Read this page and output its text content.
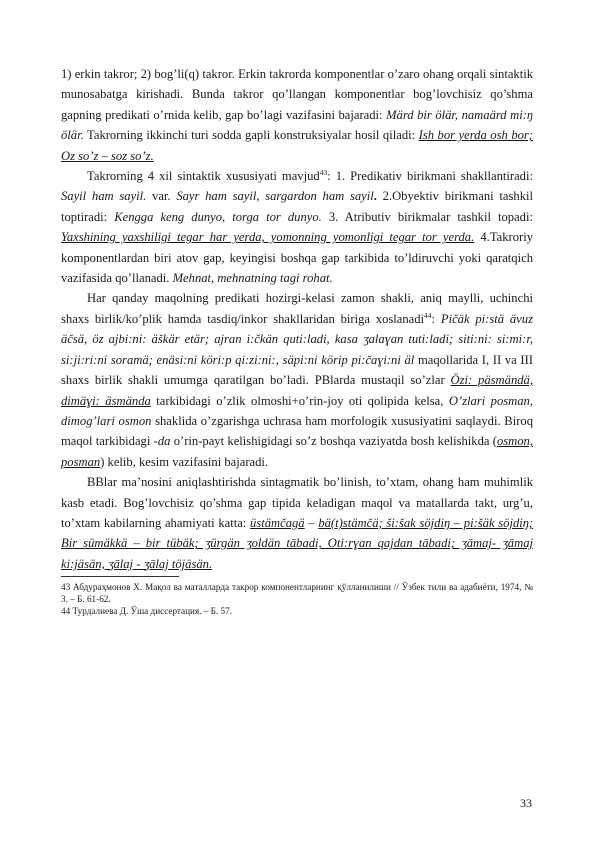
1) erkin takror; 2) bog’li(q) takror. Erkin takrorda komponentlar o’zaro ohang orqali sintaktik munosabatga kirishadi. Bunda takror qo’llangan komponentlar bog’lovchisiz qo’shma gapning predikati o’rnida kelib, gap bo’lagi vazifasini bajaradi: Märd bir ölär, namaärd mi:ŋ ölär. Takrorning ikkinchi turi sodda gapli konstruksiyalar hosil qiladi: Ish bor yerda osh bor; Oz so’z – soz so’z.

Takrorning 4 xil sintaktik xususiyati mavjud$^{43}$: 1. Predikativ birikmani shakllantiradi: Sayil ham sayil. var. Sayr ham sayil, sargardon ham sayil. 2.Obyektiv birikmani tashkil toptiradi: Kengga keng dunyo, torga tor dunyo. 3. Atributiv birikmalar tashkil topadi: Yaxshining yaxshiligi tegar har yerda, yomonning yomonligi tegar tor yerda. 4.Takroriy komponentlardan biri atov gap, keyingisi boshqa gap tarkibida to’ldiruvchi yoki qaratqich vazifasida qo’llanadi. Mehnat, mehnatning tagi rohat.

Har qanday maqolning predikati hozirgi-kelasi zamon shakli, aniq maylli, uchinchi shaxs birlik/ko’plik hamda tasdiq/inkor shakllaridan biriga xoslanadi$^{44}$: Pičäk pi:stä ävuz äčsä, öz ajbi:ni: äškär etär; ajran i:čkän quti:ladi, kasa ӡalaɣan tuti:ladi; siti:ni: si:mi:r, si:ji:ri:ni soramä; enäsi:ni köri:p qi:zi:ni:, säpi:ni körip pi:čaɣi:ni äl maqollarida I, II va III shaxs birlik shakli umumga qaratilgan bo’ladi. PBlarda mustaqil so’zlar Özi: päsmändä, dimäɣi: äsmända tarkibidagi o’zlik olmoshi+o’rin-joy oti qolipida kelsa, O’zlari posman, dimog’lari osmon shaklida o’zgarishga uchrasa ham morfologik xususiyatini saqlaydi. Biroq maqol tarkibidagi -da o’rin-payt kelishigidagi so’z boshqa vaziyatda bosh kelishikda (osmon, posman) kelib, kesim vazifasini bajaradi.

BBlar ma’nosini aniqlashtirishda sintagmatik bo’linish, to’xtam, ohang ham muhimlik kasb etadi. Bog’lovchisiz qo’shma gap tipida keladigan maqol va matallarda takt, urg’u, to’xtam kabilarning ahamiyati katta: üstämčagä – bä(t)stämčä; ši:šak söjdiŋ – pi:šäk söjdiŋ; Bir sümäkkä – bir tübäk; ӡürgän ӡoldän tābadi, Oti:rɣan qajdan tābadi; ӡāmaj- ӡāmaj ki:jäsän, ӡālaj - ӡālaj töjäsän.

43 Абдураҳмонов Х. Мақол ва маталларда такрор компонентларнинг қўлланилиши // Ўзбек тили ва адабиёти, 1974, № 3. – Б. 61-62.

44 Турдалиева Д. Ўша диссертация. – Б. 57.

33
